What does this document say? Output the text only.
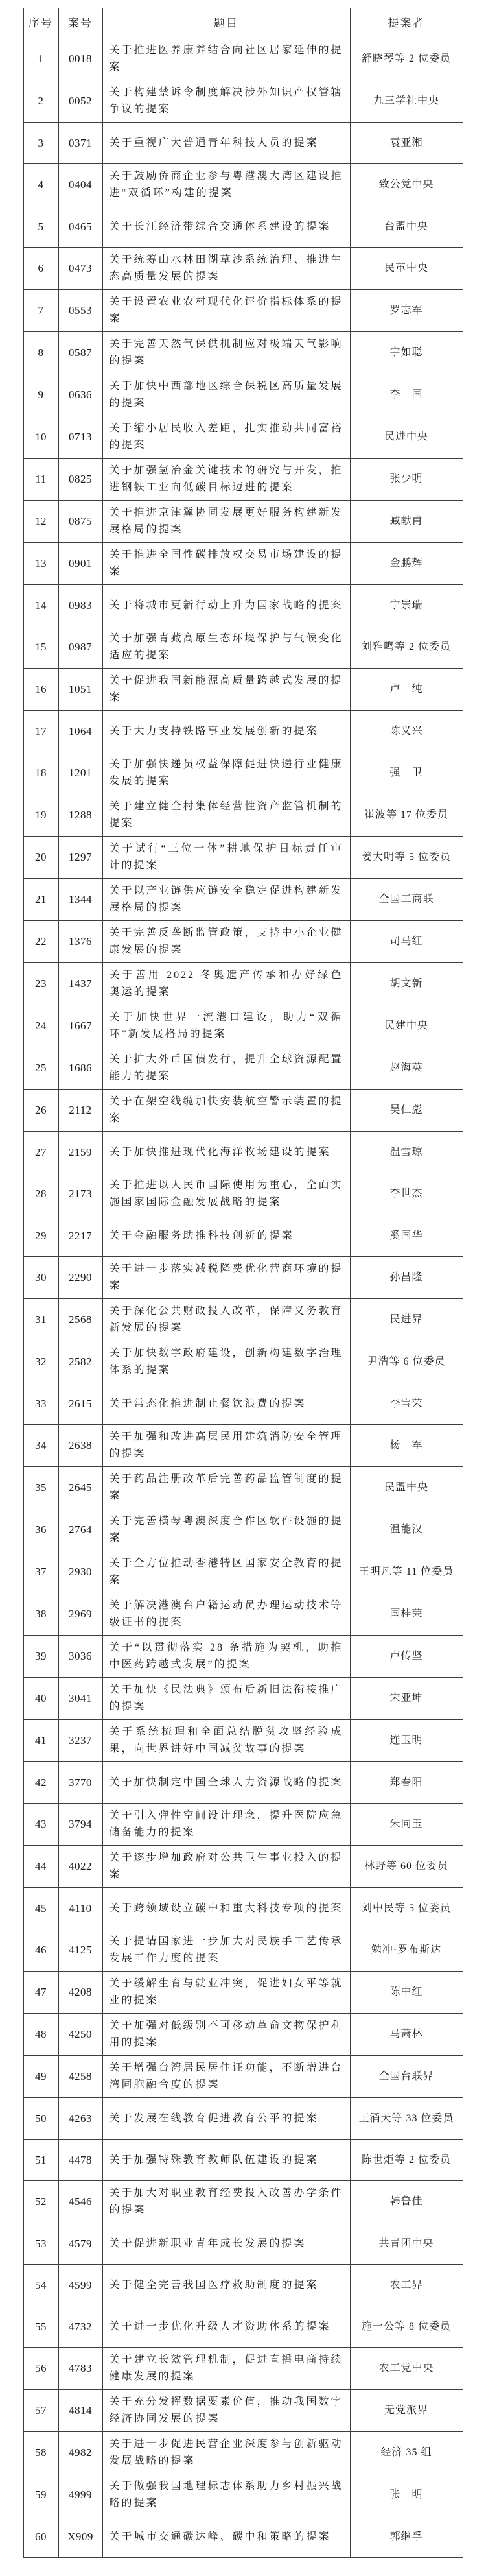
序号	案号	题目	提案者
1	0018	关于推进医养康养结合向社区居家延伸的提案	舒晓琴等 2 位委员
2	0052	关于构建禁诉令制度解决涉外知识产权管辖争议的提案	九三学社中央
3	0371	关于重视广大普通青年科技人员的提案	袁亚湘
4	0404	关于鼓励侨商企业参与粤港澳大湾区建设推进“双循环”构建的提案	致公党中央
5	0465	关于长江经济带综合交通体系建设的提案	台盟中央
6	0473	关于统筹山水林田湖草沙系统治理、推进生态高质量发展的提案	民革中央
7	0553	关于设置农业农村现代化评价指标体系的提案	罗志军
8	0587	关于完善天然气保供机制应对极端天气影响的提案	宇如聪
9	0636	关于加快中西部地区综合保税区高质量发展的提案	李　国
10	0713	关于缩小居民收入差距，扎实推动共同富裕的提案	民进中央
11	0825	关于加强氢冶金关键技术的研究与开发，推进钢铁工业向低碳目标迈进的提案	张少明
12	0875	关于推进京津冀协同发展更好服务构建新发展格局的提案	臧献甫
13	0901	关于推进全国性碳排放权交易市场建设的提案	金鹏辉
14	0983	关于将城市更新行动上升为国家战略的提案	宁崇瑞
15	0987	关于加强青藏高原生态环境保护与气候变化适应的提案	刘雅鸣等 2 位委员
16	1051	关于促进我国新能源高质量跨越式发展的提案	卢　纯
17	1064	关于大力支持铁路事业发展创新的提案	陈义兴
18	1201	关于加强快递员权益保障促进快递行业健康发展的提案	强　卫
19	1288	关于建立健全村集体经营性资产监管机制的提案	崔波等 17 位委员
20	1297	关于试行“三位一体”耕地保护目标责任审计的提案	姜大明等 5 位委员
21	1344	关于以产业链供应链安全稳定促进构建新发展格局的提案	全国工商联
22	1376	关于完善反垄断监管政策，支持中小企业健康发展的提案	司马红
23	1437	关于善用 2022 冬奥遗产传承和办好绿色奥运的提案	胡文新
24	1667	关于加快世界一流港口建设，助力“双循环”新发展格局的提案	民建中央
25	1686	关于扩大外币国债发行，提升全球资源配置能力的提案	赵海英
26	2112	关于在架空线缆加快安装航空警示装置的提案	吴仁彪
27	2159	关于加快推进现代化海洋牧场建设的提案	温雪琼
28	2173	关于推进以人民币国际使用为重心，全面实施国家国际金融发展战略的提案	李世杰
29	2217	关于金融服务助推科技创新的提案	奚国华
30	2290	关于进一步落实减税降费优化营商环境的提案	孙昌隆
31	2568	关于深化公共财政投入改革，保障义务教育新发展的提案	民进界
32	2582	关于加快数字政府建设，创新构建数字治理体系的提案	尹浩等 6 位委员
33	2615	关于常态化推进制止餐饮浪费的提案	李宝荣
34	2638	关于加强和改进高层民用建筑消防安全管理的提案	杨　军
35	2645	关于药品注册改革后完善药品监管制度的提案	民盟中央
36	2764	关于完善横琴粤澳深度合作区软件设施的提案	温能汉
37	2930	关于全方位推动香港特区国家安全教育的提案	王明凡等 11 位委员
38	2969	关于解决港澳台户籍运动员办理运动技术等级证书的提案	国桂荣
39	3036	关于“以贯彻落实 28 条措施为契机，助推中医药跨越式发展”的提案	卢传坚
40	3041	关于加快《民法典》颁布后新旧法衔接推广的提案	宋亚坤
41	3237	关于系统梳理和全面总结脱贫攻坚经验成果，向世界讲好中国减贫故事的提案	连玉明
42	3770	关于加快制定中国全球人力资源战略的提案	郑春阳
43	3794	关于引入弹性空间设计理念，提升医院应急储备能力的提案	朱同玉
44	4022	关于逐步增加政府对公共卫生事业投入的提案	林野等 60 位委员
45	4110	关于跨领域设立碳中和重大科技专项的提案	刘中民等 5 位委员
46	4125	关于提请国家进一步加大对民族手工艺传承发展工作力度的提案	勉冲·罗布斯达
47	4208	关于缓解生育与就业冲突，促进妇女平等就业的提案	陈中红
48	4250	关于加强对低级别不可移动革命文物保护利用的提案	马萧林
49	4258	关于增强台湾居民居住证功能，不断增进台湾同胞融合度的提案	全国台联界
50	4263	关于发展在线教育促进教育公平的提案	王涌天等 33 位委员
51	4478	关于加强特殊教育教师队伍建设的提案	陈世炬等 2 位委员
52	4546	关于加大对职业教育经费投入改善办学条件的提案	韩鲁佳
53	4579	关于促进新职业青年成长发展的提案	共青团中央
54	4599	关于健全完善我国医疗救助制度的提案	农工界
55	4732	关于进一步优化升级人才资助体系的提案	施一公等 8 位委员
56	4783	关于建立长效管理机制，促进直播电商持续健康发展的提案	农工党中央
57	4814	关于充分发挥数据要素价值，推动我国数字经济协同发展的提案	无党派界
58	4982	关于进一步促进民营企业深度参与创新驱动发展战略的提案	经济 35 组
59	4999	关于做强我国地理标志体系助力乡村振兴战略的提案	张　明
60	X909	关于城市交通碳达峰、碳中和策略的提案	郭继孚
